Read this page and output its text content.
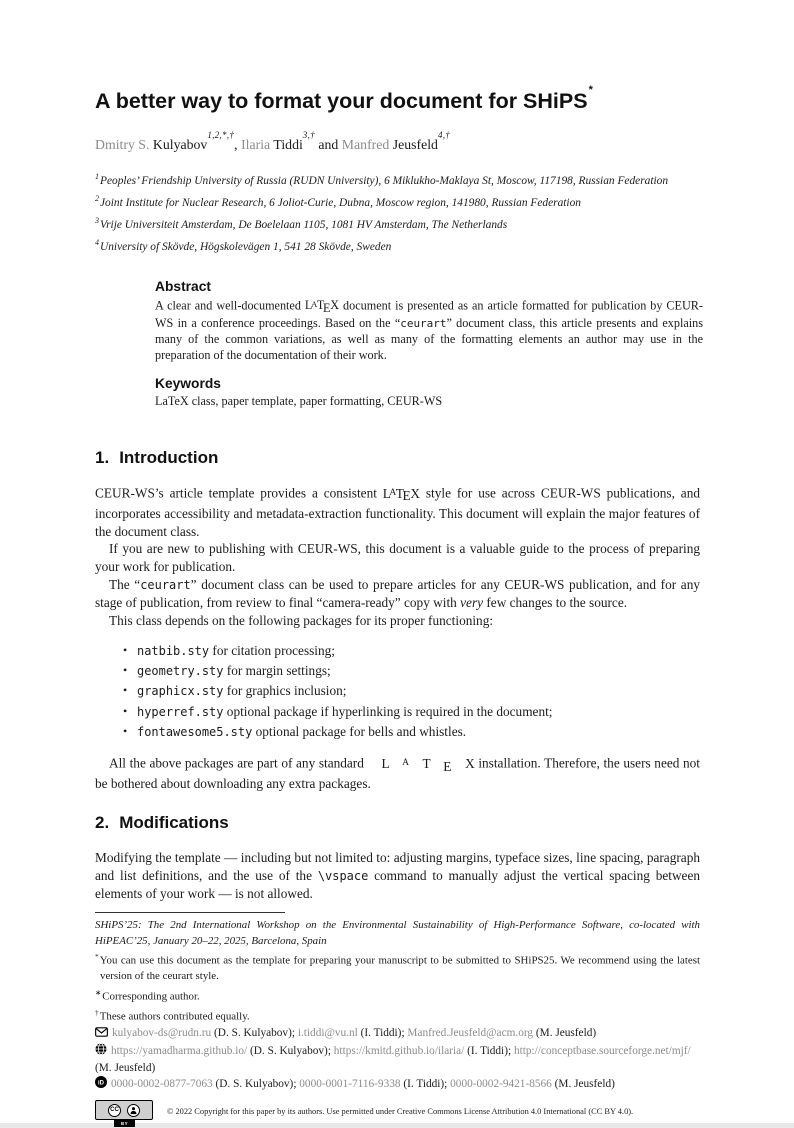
A better way to format your document for SHiPS*
Dmitry S. Kulyabov$^{1,2,*,\dagger}$, Ilaria Tiddi$^{3,\dagger}$ and Manfred Jeusfeld$^{4,\dagger}$
$^1$Peoples’ Friendship University of Russia (RUDN University), 6 Miklukho-Maklaya St, Moscow, 117198, Russian Federation
$^2$Joint Institute for Nuclear Research, 6 Joliot-Curie, Dubna, Moscow region, 141980, Russian Federation
$^3$Vrije Universiteit Amsterdam, De Boelelaan 1105, 1081 HV Amsterdam, The Netherlands
$^4$University of Skövde, Högskolevägen 1, 541 28 Skövde, Sweden
Abstract
A clear and well-documented LATEX document is presented as an article formatted for publication by CEUR-WS in a conference proceedings. Based on the “ceurart” document class, this article presents and explains many of the common variations, as well as many of the formatting elements an author may use in the preparation of the documentation of their work.
Keywords
LaTeX class, paper template, paper formatting, CEUR-WS
1. Introduction

CEUR-WS’s article template provides a consistent LATEX style for use across CEUR-WS publications, and incorporates accessibility and metadata-extraction functionality. This document will explain the major features of the document class.

If you are new to publishing with CEUR-WS, this document is a valuable guide to the process of preparing your work for publication.

The “ceurart” document class can be used to prepare articles for any CEUR-WS publication, and for any stage of publication, from review to final “camera-ready” copy with very few changes to the source.

This class depends on the following packages for its proper functioning:

• natbib.sty for citation processing;
• geometry.sty for margin settings;
• graphicx.sty for graphics inclusion;
• hyperref.sty optional package if hyperlinking is required in the document;
• fontawesome5.sty optional package for bells and whistles.

All the above packages are part of any standard L A T E X installation. Therefore, the users need not be bothered about downloading any extra packages.

2. Modifications

Modifying the template — including but not limited to: adjusting margins, typeface sizes, line spacing, paragraph and list definitions, and the use of the \vspace command to manually adjust the vertical spacing between elements of your work — is not allowed.

SHiPS’25: The 2nd International Workshop on the Environmental Sustainability of High-Performance Software, co-located with HiPEAC’25, January 20–22, 2025, Barcelona, Spain
*You can use this document as the template for preparing your manuscript to be submitted to SHiPS25. We recommend using the latest version of the ceurart style.
∗Corresponding author.
†These authors contributed equally.
kulyabov-ds@rudn.ru (D. S. Kulyabov); i.tiddi@vu.nl (I. Tiddi); Manfred.Jeusfeld@acm.org (M. Jeusfeld)
https://yamadharma.github.io/ (D. S. Kulyabov); https://kmitd.github.io/ilaria/ (I. Tiddi); http://conceptbase.sourceforge.net/mjf/ (M. Jeusfeld)
iD 0000-0002-0877-7063 (D. S. Kulyabov); 0000-0001-7116-9338 (I. Tiddi); 0000-0002-9421-8566 (M. Jeusfeld)
CC
BY
© 2022 Copyright for this paper by its authors. Use permitted under Creative Commons License Attribution 4.0 International (CC BY 4.0).
